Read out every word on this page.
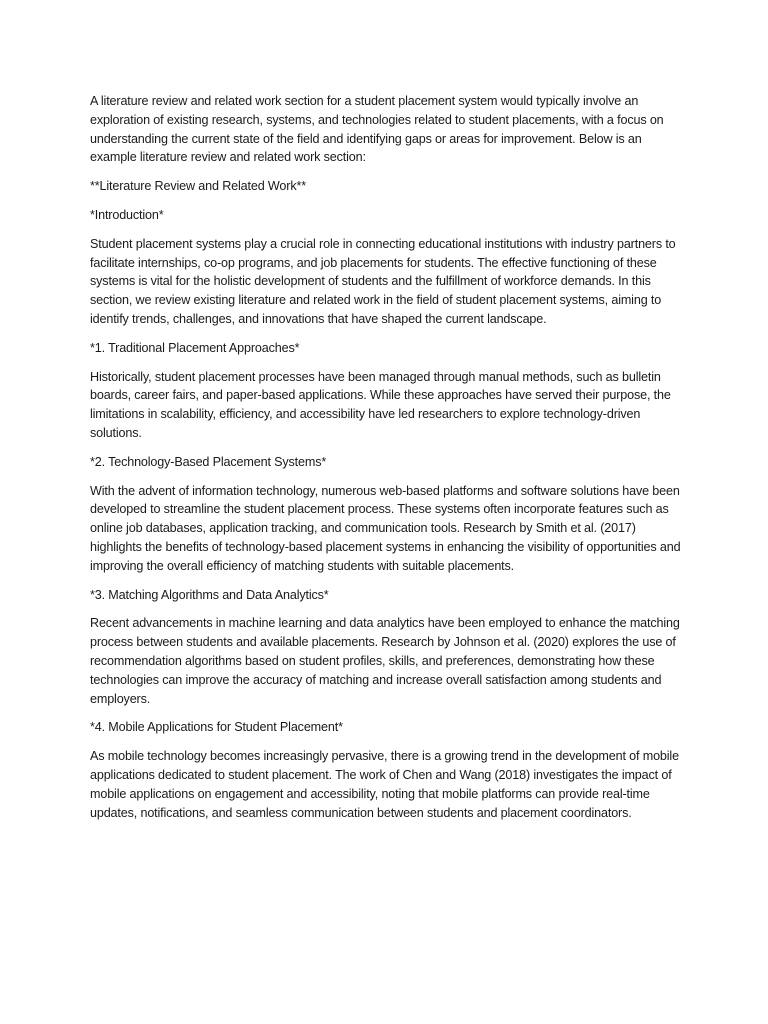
A literature review and related work section for a student placement system would typically involve an exploration of existing research, systems, and technologies related to student placements, with a focus on understanding the current state of the field and identifying gaps or areas for improvement. Below is an example literature review and related work section:

**Literature Review and Related Work**

*Introduction*

Student placement systems play a crucial role in connecting educational institutions with industry partners to facilitate internships, co-op programs, and job placements for students. The effective functioning of these systems is vital for the holistic development of students and the fulfillment of workforce demands. In this section, we review existing literature and related work in the field of student placement systems, aiming to identify trends, challenges, and innovations that have shaped the current landscape.

*1. Traditional Placement Approaches*

Historically, student placement processes have been managed through manual methods, such as bulletin boards, career fairs, and paper-based applications. While these approaches have served their purpose, the limitations in scalability, efficiency, and accessibility have led researchers to explore technology-driven solutions.

*2. Technology-Based Placement Systems*

With the advent of information technology, numerous web-based platforms and software solutions have been developed to streamline the student placement process. These systems often incorporate features such as online job databases, application tracking, and communication tools. Research by Smith et al. (2017) highlights the benefits of technology-based placement systems in enhancing the visibility of opportunities and improving the overall efficiency of matching students with suitable placements.

*3. Matching Algorithms and Data Analytics*

Recent advancements in machine learning and data analytics have been employed to enhance the matching process between students and available placements. Research by Johnson et al. (2020) explores the use of recommendation algorithms based on student profiles, skills, and preferences, demonstrating how these technologies can improve the accuracy of matching and increase overall satisfaction among students and employers.

*4. Mobile Applications for Student Placement*

As mobile technology becomes increasingly pervasive, there is a growing trend in the development of mobile applications dedicated to student placement. The work of Chen and Wang (2018) investigates the impact of mobile applications on engagement and accessibility, noting that mobile platforms can provide real-time updates, notifications, and seamless communication between students and placement coordinators.
